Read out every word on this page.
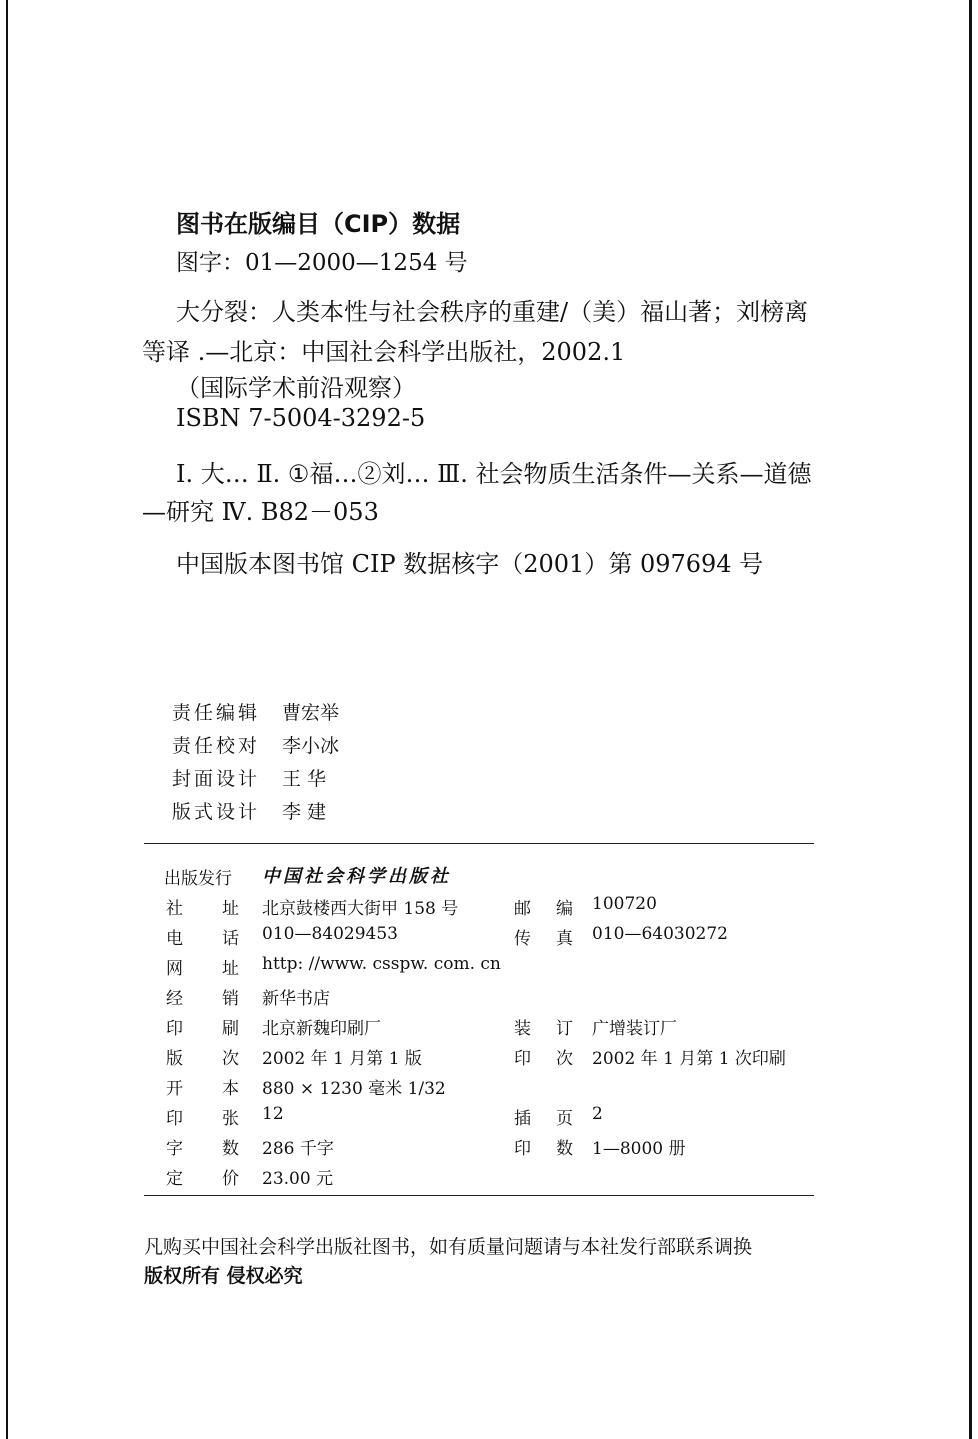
图书在版编目（CIP）数据
图字：01—2000—1254 号
大分裂：人类本性与社会秩序的重建/（美）福山著；刘榜离
等译 .—北京：中国社会科学出版社，2002.1
（国际学术前沿观察）
ISBN 7-5004-3292-5
Ⅰ. 大… Ⅱ. ①福…②刘… Ⅲ. 社会物质生活条件—关系—道德
—研究 Ⅳ. B82－053
中国版本图书馆 CIP 数据核字（2001）第 097694 号
责任编辑 曹宏举
责任校对 李小冰
封面设计 王 华
版式设计 李 建
出版发行 中国社会科学出版社
社 址 北京鼓楼西大街甲 158 号	邮 编 100720
电 话 010—84029453	传 真 010—64030272
网 址 http: //www. csspw. com. cn
经 销 新华书店
印 刷 北京新魏印刷厂	装 订 广增装订厂
版 次 2002 年 1 月第 1 版	印 次 2002 年 1 月第 1 次印刷
开 本 880 × 1230 毫米 1/32
印 张 12	插 页 2
字 数 286 千字	印 数 1—8000 册
定 价 23.00 元
凡购买中国社会科学出版社图书，如有质量问题请与本社发行部联系调换
版权所有 侵权必究
